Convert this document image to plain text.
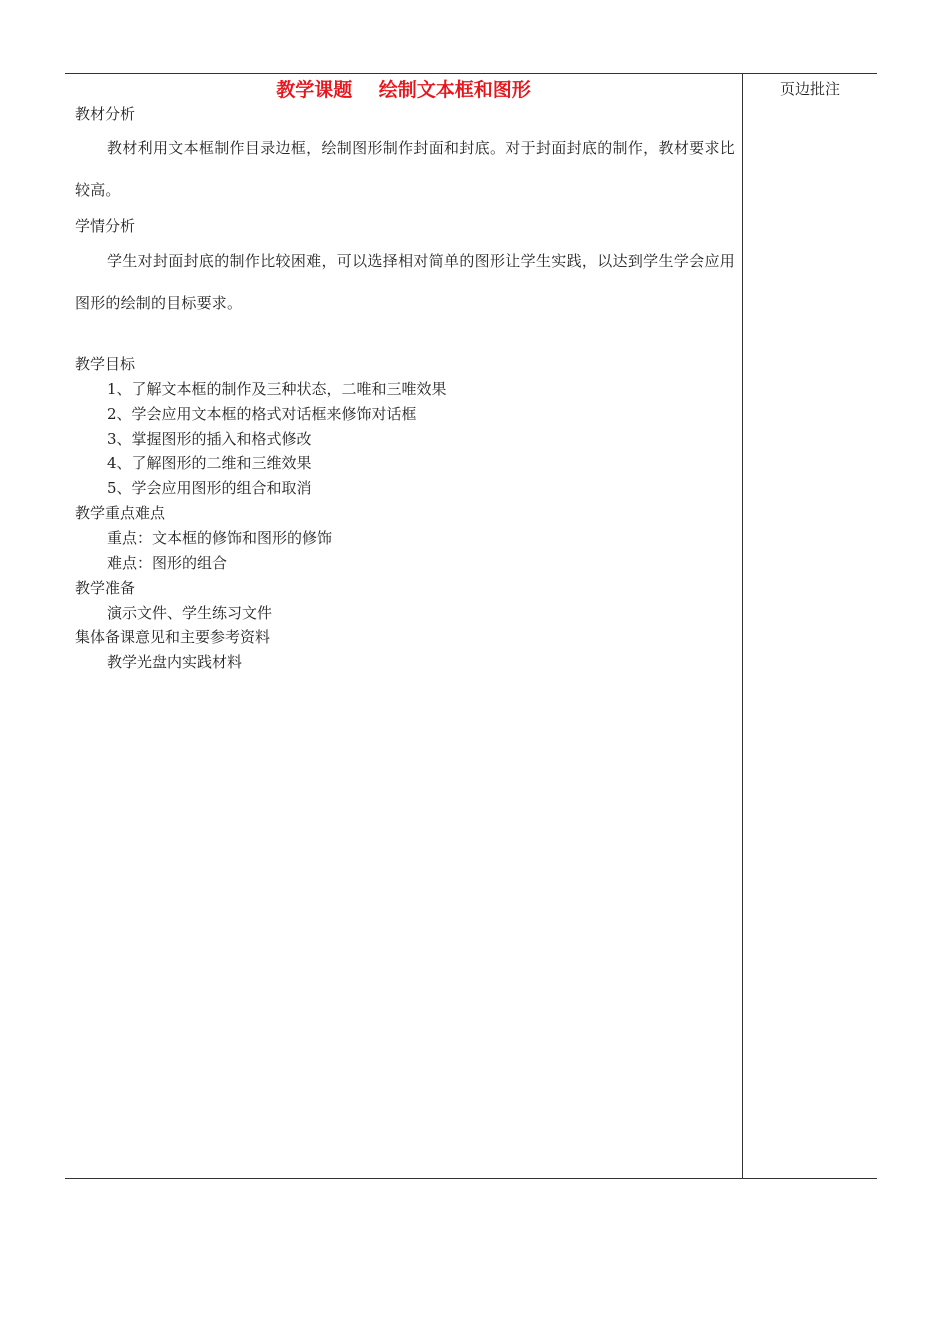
教学课题    绘制文本框和图形	页边批注
教材分析
教材利用文本框制作目录边框，绘制图形制作封面和封底。对于封面封底的制作，教材要求比较高。
学情分析
学生对封面封底的制作比较困难，可以选择相对简单的图形让学生实践，以达到学生学会应用图形的绘制的目标要求。
教学目标
1、了解文本框的制作及三种状态，二唯和三唯效果
2、学会应用文本框的格式对话框来修饰对话框
3、掌握图形的插入和格式修改
4、了解图形的二维和三维效果
5、学会应用图形的组合和取消
教学重点难点
重点：文本框的修饰和图形的修饰
难点：图形的组合
教学准备
演示文件、学生练习文件
集体备课意见和主要参考资料
教学光盘内实践材料
